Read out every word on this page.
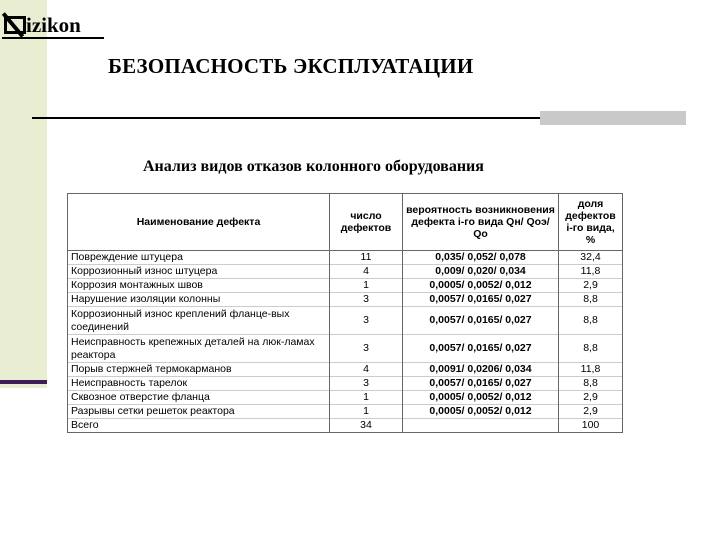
izikon
БЕЗОПАСНОСТЬ ЭКСПЛУАТАЦИИ
Анализ видов отказов колонного оборудования
Наименование дефекта	число дефектов	вероятность возникновения дефекта i-го вида Qн/ Qоэ/ Qо	доля дефектов i-го вида, %
Повреждение штуцера	11	0,035/ 0,052/ 0,078	32,4
Коррозионный износ штуцера	4	0,009/ 0,020/ 0,034	11,8
Коррозия монтажных швов	1	0,0005/ 0,0052/ 0,012	2,9
Нарушение изоляции колонны	3	0,0057/ 0,0165/ 0,027	8,8
Коррозионный износ креплений фланце-вых соединений	3	0,0057/ 0,0165/ 0,027	8,8
Неисправность крепежных деталей на люк-ламах реактора	3	0,0057/ 0,0165/ 0,027	8,8
Порыв стержней термокарманов	4	0,0091/ 0,0206/ 0,034	11,8
Неисправность тарелок	3	0,0057/ 0,0165/ 0,027	8,8
Сквозное отверстие фланца	1	0,0005/ 0,0052/ 0,012	2,9
Разрывы сетки решеток реактора	1	0,0005/ 0,0052/ 0,012	2,9
Всего	34		100
